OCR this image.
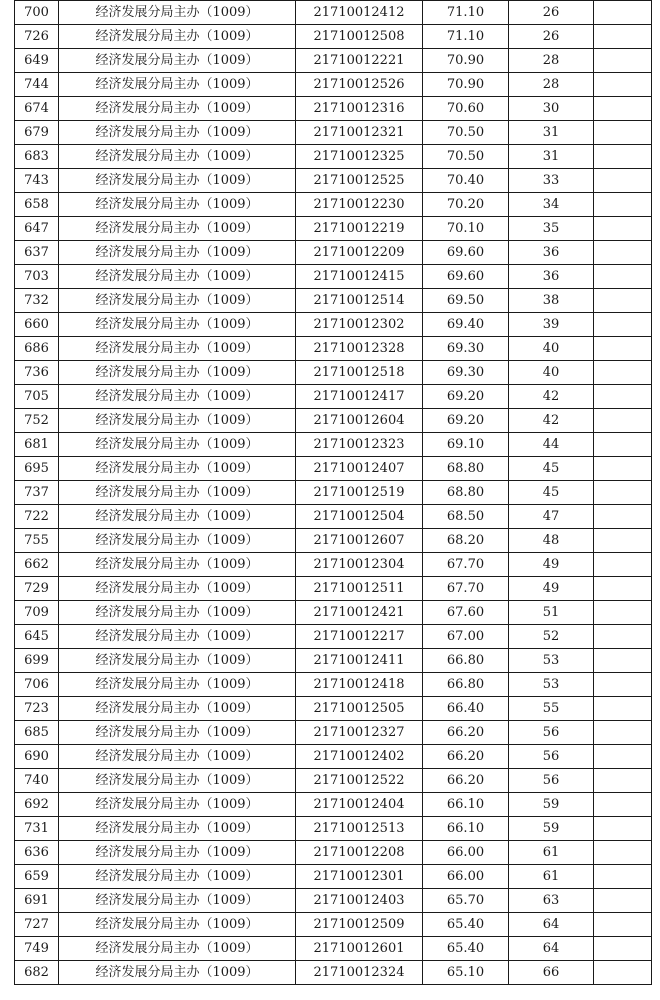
700	经济发展分局主办（1009）	21710012412	71.10	26	
726	经济发展分局主办（1009）	21710012508	71.10	26	
649	经济发展分局主办（1009）	21710012221	70.90	28	
744	经济发展分局主办（1009）	21710012526	70.90	28	
674	经济发展分局主办（1009）	21710012316	70.60	30	
679	经济发展分局主办（1009）	21710012321	70.50	31	
683	经济发展分局主办（1009）	21710012325	70.50	31	
743	经济发展分局主办（1009）	21710012525	70.40	33	
658	经济发展分局主办（1009）	21710012230	70.20	34	
647	经济发展分局主办（1009）	21710012219	70.10	35	
637	经济发展分局主办（1009）	21710012209	69.60	36	
703	经济发展分局主办（1009）	21710012415	69.60	36	
732	经济发展分局主办（1009）	21710012514	69.50	38	
660	经济发展分局主办（1009）	21710012302	69.40	39	
686	经济发展分局主办（1009）	21710012328	69.30	40	
736	经济发展分局主办（1009）	21710012518	69.30	40	
705	经济发展分局主办（1009）	21710012417	69.20	42	
752	经济发展分局主办（1009）	21710012604	69.20	42	
681	经济发展分局主办（1009）	21710012323	69.10	44	
695	经济发展分局主办（1009）	21710012407	68.80	45	
737	经济发展分局主办（1009）	21710012519	68.80	45	
722	经济发展分局主办（1009）	21710012504	68.50	47	
755	经济发展分局主办（1009）	21710012607	68.20	48	
662	经济发展分局主办（1009）	21710012304	67.70	49	
729	经济发展分局主办（1009）	21710012511	67.70	49	
709	经济发展分局主办（1009）	21710012421	67.60	51	
645	经济发展分局主办（1009）	21710012217	67.00	52	
699	经济发展分局主办（1009）	21710012411	66.80	53	
706	经济发展分局主办（1009）	21710012418	66.80	53	
723	经济发展分局主办（1009）	21710012505	66.40	55	
685	经济发展分局主办（1009）	21710012327	66.20	56	
690	经济发展分局主办（1009）	21710012402	66.20	56	
740	经济发展分局主办（1009）	21710012522	66.20	56	
692	经济发展分局主办（1009）	21710012404	66.10	59	
731	经济发展分局主办（1009）	21710012513	66.10	59	
636	经济发展分局主办（1009）	21710012208	66.00	61	
659	经济发展分局主办（1009）	21710012301	66.00	61	
691	经济发展分局主办（1009）	21710012403	65.70	63	
727	经济发展分局主办（1009）	21710012509	65.40	64	
749	经济发展分局主办（1009）	21710012601	65.40	64	
682	经济发展分局主办（1009）	21710012324	65.10	66	
